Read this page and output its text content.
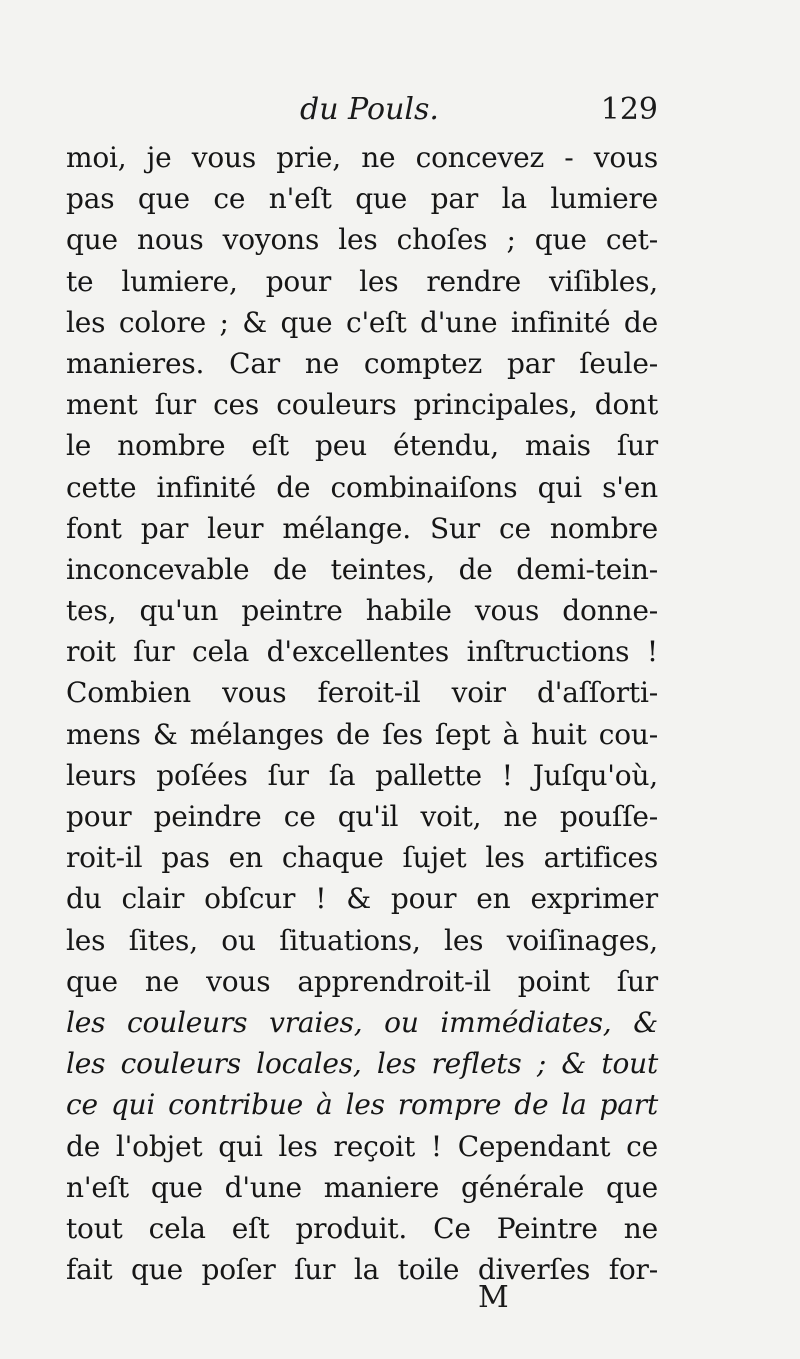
du Pouls.	129
moi, je vous prie, ne concevez - vous
pas que ce n'eſt que par la lumiere
que nous voyons les choſes ; que cet-
te lumiere, pour les rendre viſibles,
les colore ; & que c'eſt d'une infinité de
manieres. Car ne comptez par ſeule-
ment ſur ces couleurs principales, dont
le nombre eſt peu étendu, mais ſur
cette infinité de combinaiſons qui s'en
font par leur mélange. Sur ce nombre
inconcevable de teintes, de demi-tein-
tes, qu'un peintre habile vous donne-
roit ſur cela d'excellentes inſtructions !
Combien vous feroit-il voir d'aſſorti-
mens & mélanges de ſes ſept à huit cou-
leurs poſées ſur ſa pallette ! Juſqu'où,
pour peindre ce qu'il voit, ne pouſſe-
roit-il pas en chaque ſujet les artifices
du clair obſcur ! & pour en exprimer
les ſites, ou ſituations, les voiſinages,
que ne vous apprendroit-il point ſur
les couleurs vraies, ou immédiates, &
les couleurs locales, les reflets ; & tout
ce qui contribue à les rompre de la part
de l'objet qui les reçoit ! Cependant ce
n'eſt que d'une maniere générale que
tout cela eſt produit. Ce Peintre ne
fait que poſer ſur la toile diverſes for-
M
